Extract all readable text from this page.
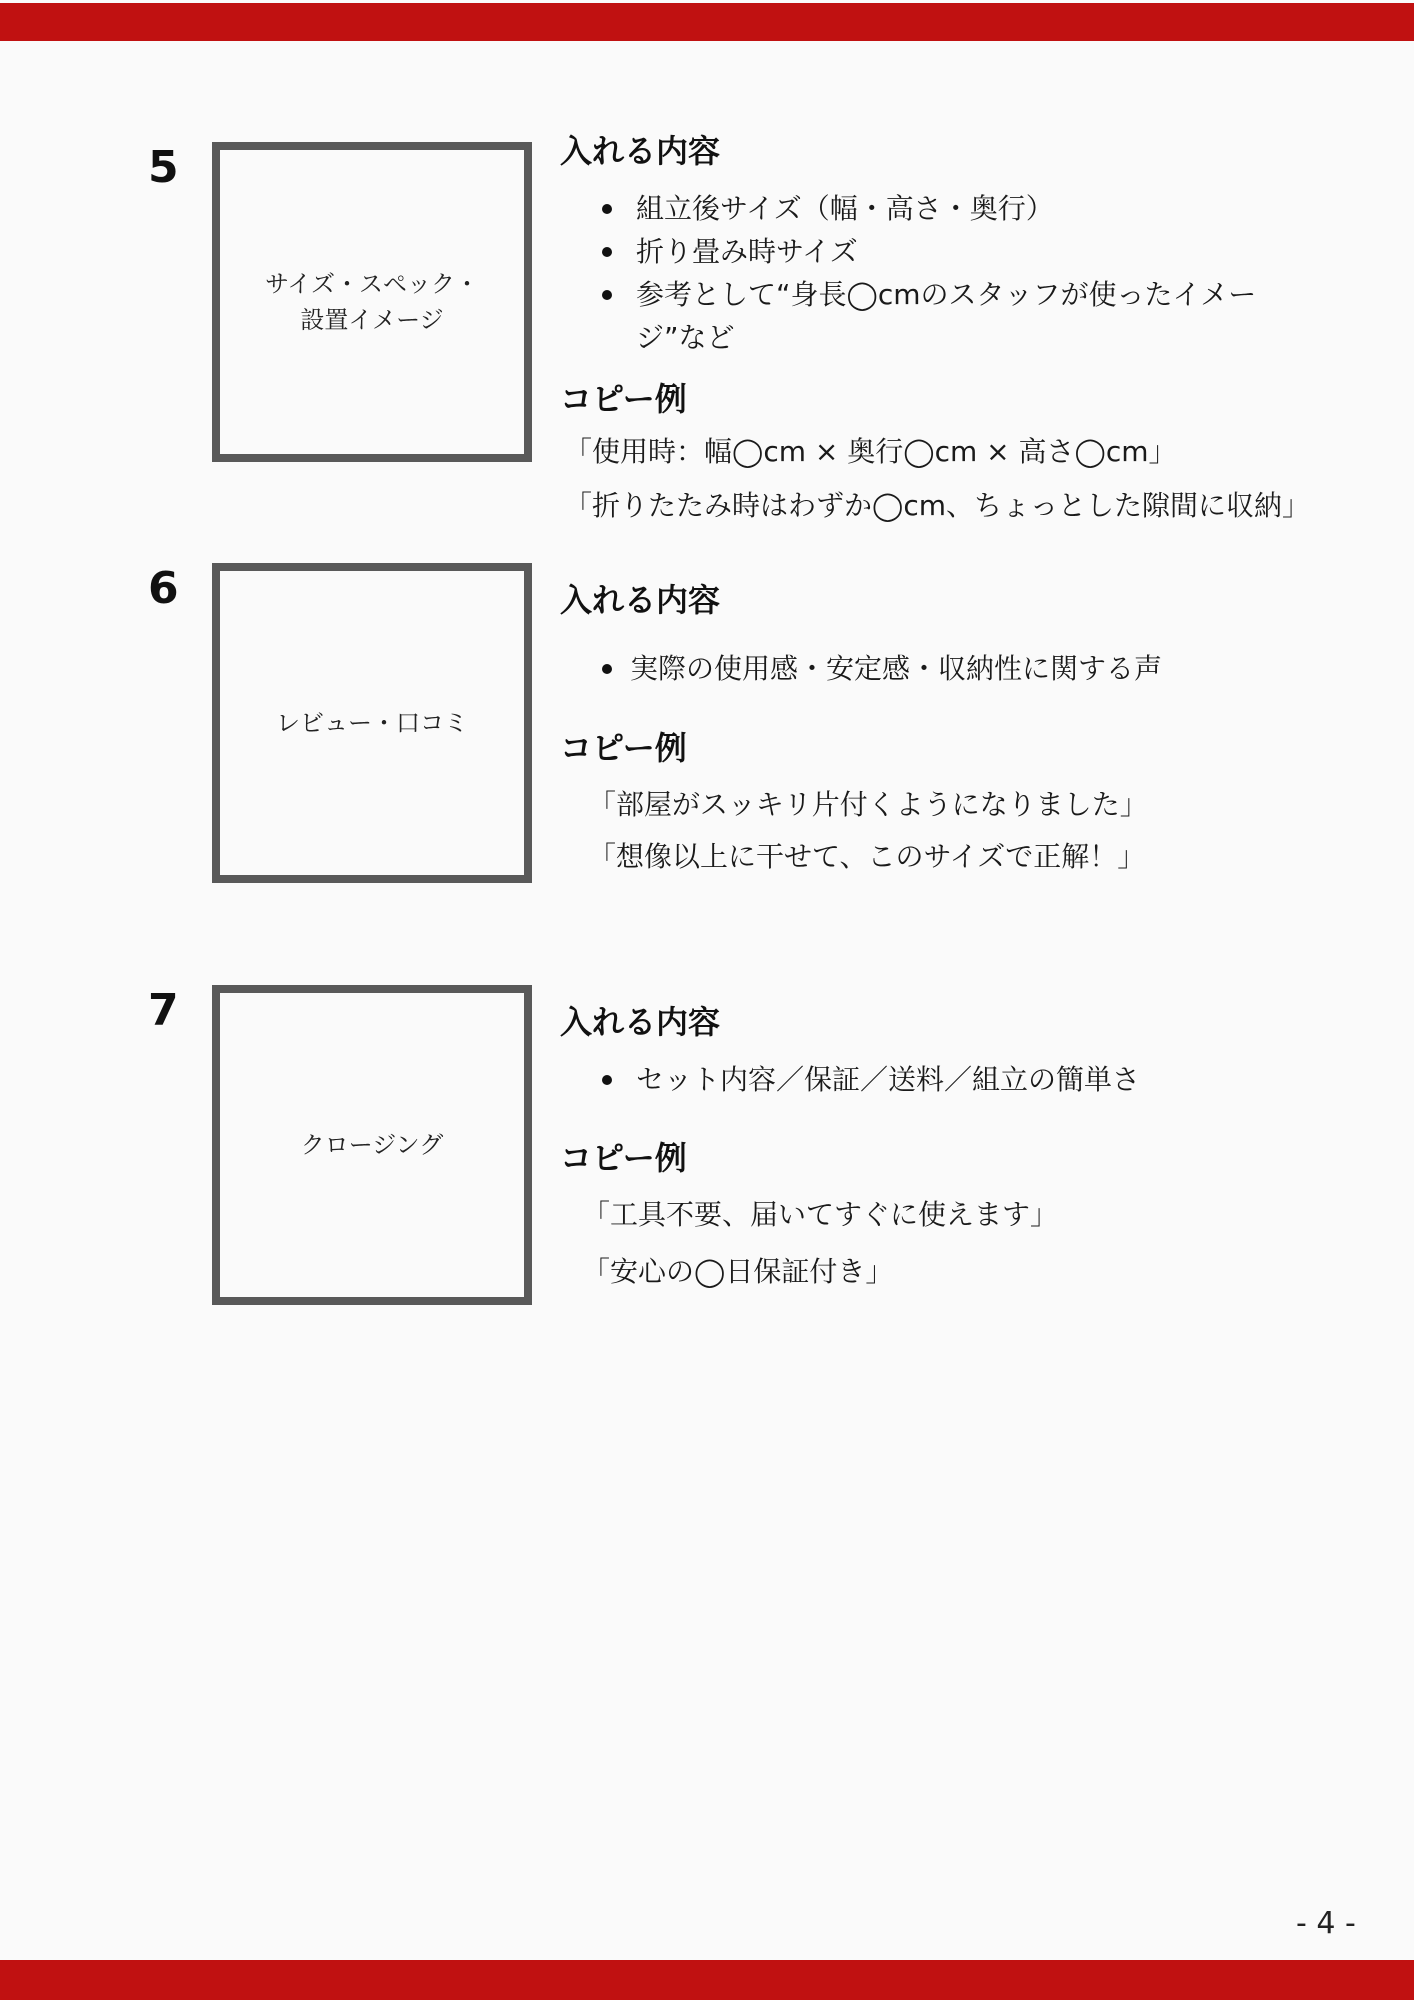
5
サイズ・スペック・
設置イメージ
入れる内容
組立後サイズ（幅・高さ・奥行）
折り畳み時サイズ
参考として“身長◯cmのスタッフが使ったイメージ”など
コピー例
「使用時：幅◯cm × 奥行◯cm × 高さ◯cm」
「折りたたみ時はわずか◯cm、ちょっとした隙間に収納」
6
レビュー・口コミ
入れる内容
実際の使用感・安定感・収納性に関する声
コピー例
「部屋がスッキリ片付くようになりました」
「想像以上に干せて、このサイズで正解！」
7
クロージング
入れる内容
セット内容／保証／送料／組立の簡単さ
コピー例
「工具不要、届いてすぐに使えます」
「安心の◯日保証付き」
- 4 -
